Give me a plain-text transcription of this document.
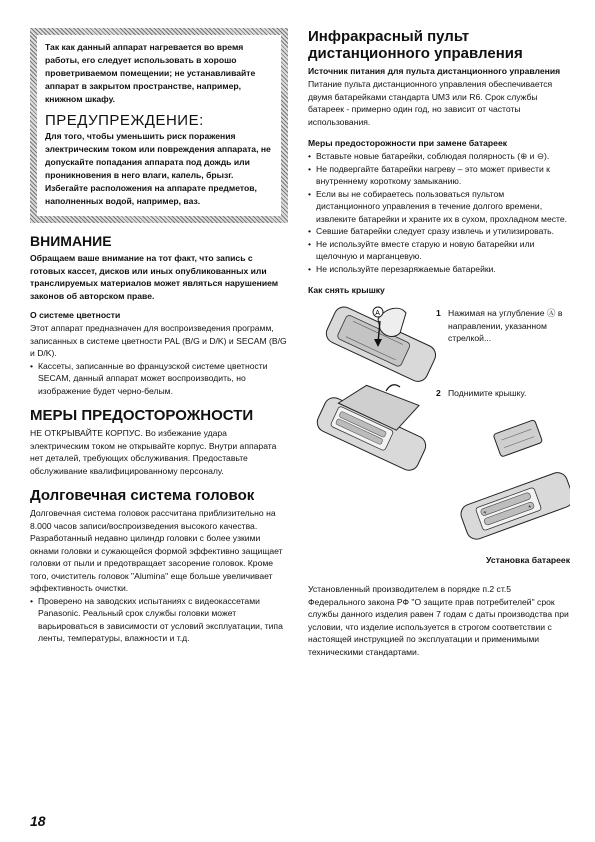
Так как данный аппарат нагревается во время работы, его следует использовать в хорошо проветриваемом помещении; не устанавливайте аппарат в закрытом пространстве, например, книжном шкафу.

ПРЕДУПРЕЖДЕНИЕ:

Для того, чтобы уменьшить риск поражения электрическим током или повреждения аппарата, не допускайте попадания аппарата под дождь или проникновения в него влаги, капель, брызг. Избегайте расположения на аппарате предметов, наполненных водой, например, ваз.

ВНИМАНИЕ

Обращаем ваше внимание на тот факт, что запись с готовых кассет, дисков или иных опубликованных или транслируемых материалов может являться нарушением законов об авторском праве.

О системе цветности

Этот аппарат предназначен для воспроизведения программ, записанных в системе цветности PAL (B/G и D/K) и SECAM (B/G и D/K).

• Кассеты, записанные во французской системе цветности SECAM, данный аппарат может воспроизводить, но изображение будет черно-белым.
МЕРЫ ПРЕДОСТОРОЖНОСТИ

НЕ ОТКРЫВАЙТЕ КОРПУС. Во избежание удара электрическим током не открывайте корпус. Внутри аппарата нет деталей, требующих обслуживания. Предоставьте обслуживание квалифицированному персоналу.

Долговечная система головок

Долговечная система головок рассчитана приблизительно на 8.000 часов записи/воспроизведения высокого качества. Разработанный недавно цилиндр головки с более узкими окнами головки и сужающейся формой эффективно защищает головки от пыли и предотвращает засорение головок. Кроме того, очиститель головок "Alumina" еще больше увеличивает эффективность очистки.

• Проверено на заводских испытаниях с видеокассетами Panasonic. Реальный срок службы головки может варьироваться в зависимости от условий эксплуатации, типа ленты, температуры, влажности и т.д.
Инфракрасный пульт дистанционного управления
Источник питания для пульта дистанционного управления

Питание пульта дистанционного управления обеспечивается двумя батарейками стандарта UM3 или R6. Срок службы батареек - примерно один год, но зависит от частоты использования.

Меры предосторожности при замене батареек
• Вставьте новые батарейки, соблюдая полярность (⊕ и ⊖).
• Не подвергайте батарейки нагреву – это может привести к внутреннему короткому замыканию.
• Если вы не собираетесь пользоваться пультом дистанционного управления в течение долгого времени, извлеките батарейки и храните их в сухом, прохладном месте.
• Севшие батарейки следует сразу извлечь и утилизировать.
• Не используйте вместе старую и новую батарейки или щелочную и марганцевую.
• Не используйте перезаряжаемые батарейки.
Как снять крышку
A
+
+
1 Нажимая на углубление Ⓐ в направлении, указанном стрелкой...
2 Поднимите крышку.
Установка батареек

Установленный производителем в порядке п.2 ст.5 Федерального закона РФ "О защите прав потребителей" срок службы данного изделия равен 7 годам с даты производства при условии, что изделие используется в строгом соответствии с настоящей инструкцией по эксплуатации и применимыми техническими стандартами.

18
